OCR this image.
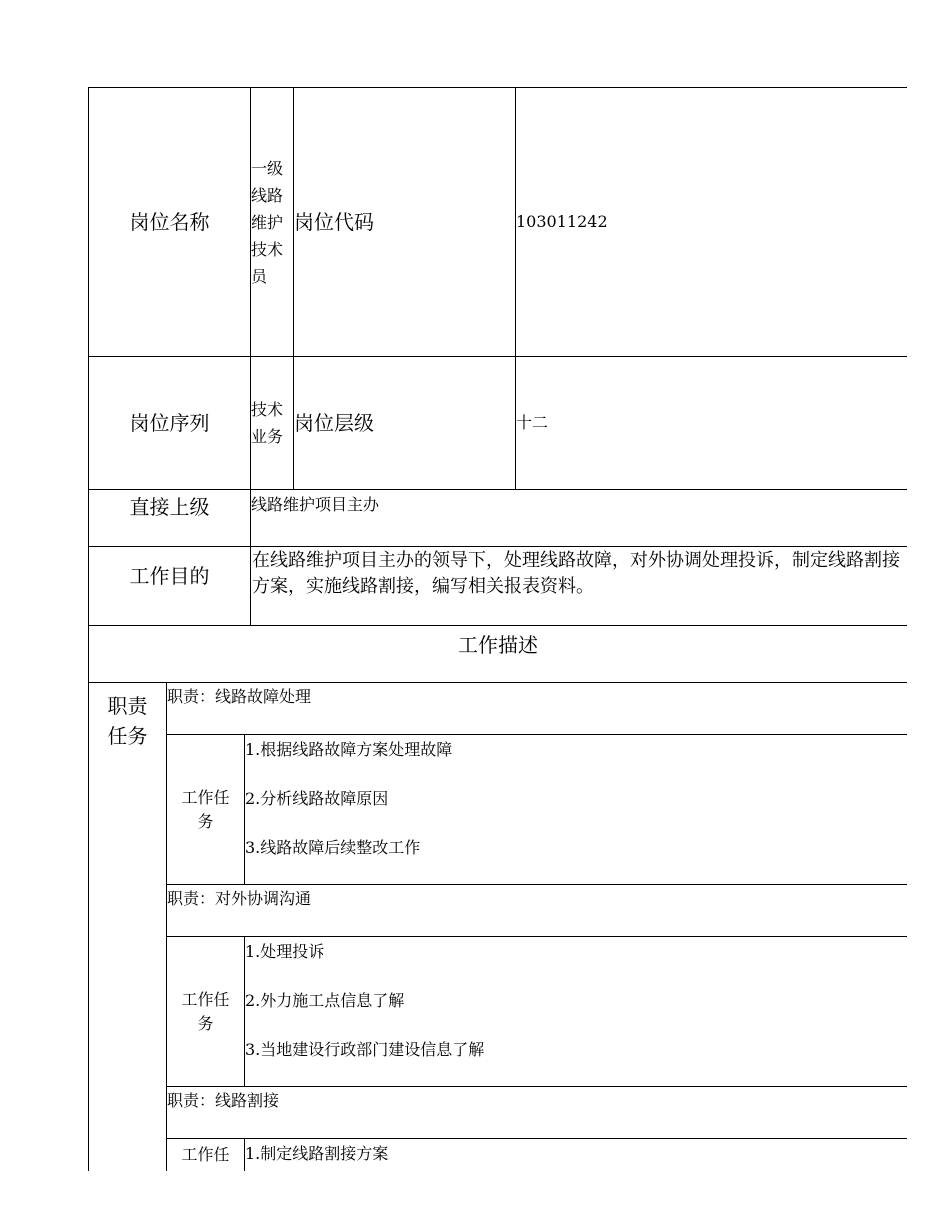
岗位名称			一级线路维护技术员	岗位代码	103011242
岗位序列			技术业务	岗位层级	十二
直接上级			线路维护项目主办		
工作目的			在线路维护项目主办的领导下，处理线路故障，对外协调处理投诉，制定线路割接方案，实施线路割接，编写相关报表资料。		
工作描述					
职责任务	职责：线路故障处理				
	工作任务	1.根据线路故障方案处理故障
2.分析线路故障原因
3.线路故障后续整改工作			

	职责：对外协调沟通				
	工作任务	1.处理投诉
2.外力施工点信息了解
3.当地建设行政部门建设信息了解			

	职责：线路割接				
	工作任	1.制定线路割接方案			
